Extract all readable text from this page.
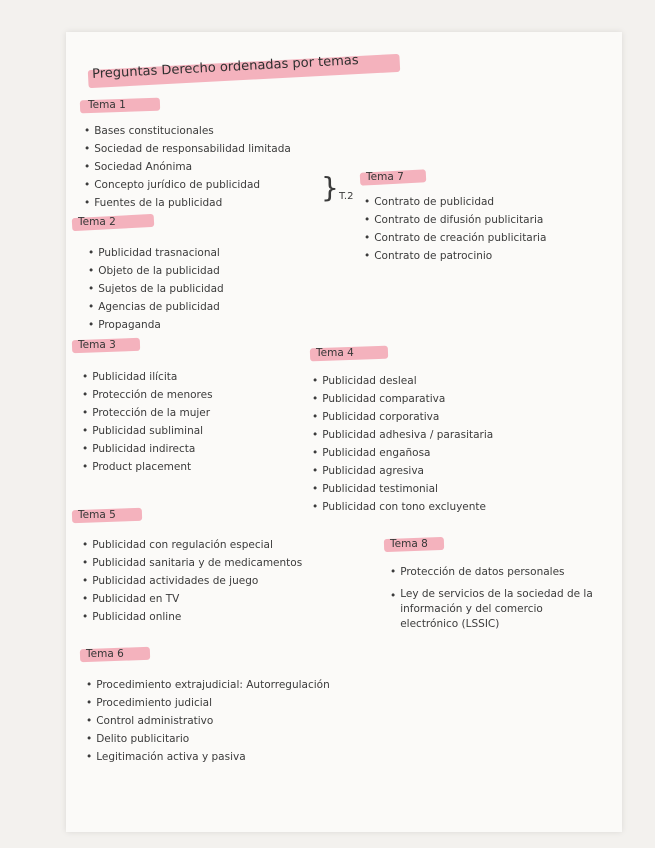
Preguntas Derecho ordenadas por temas
Tema 1
• Bases constitucionales
• Sociedad de responsabilidad limitada
• Sociedad Anónima
• Concepto jurídico de publicidad
• Fuentes de la publicidad	} T.2
Tema 2
• Publicidad trasnacional
• Objeto de la publicidad
• Sujetos de la publicidad
• Agencias de publicidad
• Propaganda
Tema 7
• Contrato de publicidad
• Contrato de difusión publicitaria
• Contrato de creación publicitaria
• Contrato de patrocinio
Tema 3
• Publicidad ilícita
• Protección de menores
• Protección de la mujer
• Publicidad subliminal
• Publicidad indirecta
• Product placement
Tema 4
• Publicidad desleal
• Publicidad comparativa
• Publicidad corporativa
• Publicidad adhesiva / parasitaria
• Publicidad engañosa
• Publicidad agresiva
• Publicidad testimonial
• Publicidad con tono excluyente
Tema 5
• Publicidad con regulación especial
• Publicidad sanitaria y de medicamentos
• Publicidad actividades de juego
• Publicidad en TV
• Publicidad online
Tema 8
• Protección de datos personales
• Ley de servicios de la sociedad de la información y del comercio electrónico (LSSIC)
Tema 6
• Procedimiento extrajudicial: Autorregulación
• Procedimiento judicial
• Control administrativo
• Delito publicitario
• Legitimación activa y pasiva
